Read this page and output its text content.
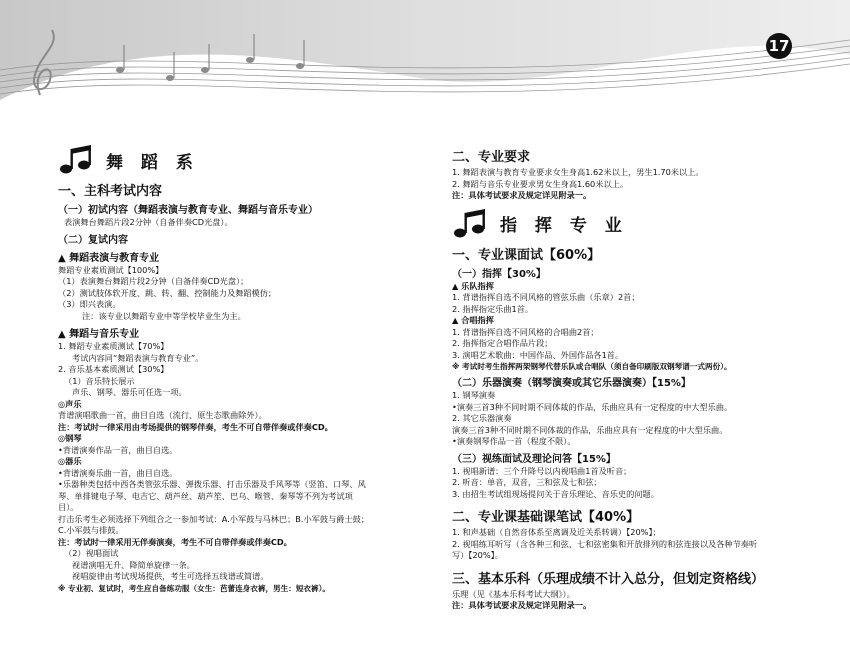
17
舞 蹈 系
一、主科考试内容
（一）初试内容（舞蹈表演与教育专业、舞蹈与音乐专业）
表演舞台舞蹈片段2分钟（自备伴奏CD光盘）。
（二）复试内容
▲ 舞蹈表演与教育专业
舞蹈专业素质测试【100%】
（1）表演舞台舞蹈片段2分钟（自备伴奏CD光盘）；
（2）测试肢体软开度、跳、转、翻、控制能力及舞蹈模仿；
（3）即兴表演。
注：该专业以舞蹈专业中等学校毕业生为主。
▲ 舞蹈与音乐专业
1. 舞蹈专业素质测试【70%】
考试内容同“舞蹈表演与教育专业”。
2. 音乐基本素质测试【30%】
（1）音乐特长展示
声乐、钢琴、器乐可任选一项。
◎声乐
背谱演唱歌曲一首，曲目自选（流行、原生态歌曲除外）。
注：考试时一律采用由考场提供的钢琴伴奏，考生不可自带伴奏或伴奏CD。
◎钢琴
•背谱演奏作品一首，曲目自选。
◎器乐
•背谱演奏乐曲一首，曲目自选。
•乐器种类包括中西各类管弦乐器、弹拨乐器、打击乐器及手风琴等（竖笛、口琴、风
琴、单排键电子琴、电吉它、葫芦丝、葫芦笙、巴乌、喉管、秦琴等不列为考试项
目）。
打击乐考生必须选择下列组合之一参加考试：A.小军鼓与马林巴；B.小军鼓与爵士鼓；
C.小军鼓与排鼓。
注：考试时一律采用无伴奏演奏，考生不可自带伴奏或伴奏CD。
（2）视唱面试
视谱演唱无升、降简单旋律一条。
视唱旋律由考试现场提供，考生可选择五线谱或简谱。
※ 专业初、复试时，考生应自备练功服（女生：芭蕾连身衣裤，男生：短衣裤）。
二、专业要求
1. 舞蹈表演与教育专业要求女生身高1.62米以上，男生1.70米以上。
2. 舞蹈与音乐专业要求男女生身高1.60米以上。
注：具体考试要求及规定详见附录一。
指 挥 专 业
一、专业课面试【60%】
（一）指挥【30%】
▲ 乐队指挥
1. 背谱指挥自选不同风格的管弦乐曲（乐章）2首；
2. 指挥指定乐曲1首。
▲ 合唱指挥
1. 背谱指挥自选不同风格的合唱曲2首；
2. 指挥指定合唱作品片段；
3. 演唱艺术歌曲：中国作品、外国作品各1首。
※ 考试时考生指挥两架钢琴代替乐队或合唱队（须自备印刷版双钢琴谱一式两份）。
（二）乐器演奏（钢琴演奏或其它乐器演奏）【15%】
1. 钢琴演奏
•演奏三首3种不同时期不同体裁的作品，乐曲应具有一定程度的中大型乐曲。
2. 其它乐器演奏
演奏三首3种不同时期不同体裁的作品，乐曲应具有一定程度的中大型乐曲。
•演奏钢琴作品一首（程度不限）。
（三）视练面试及理论问答【15%】
1. 视唱新谱：三个升降号以内视唱曲1首及听音；
2. 听音：单音，双音，三和弦及七和弦；
3. 由招生考试组现场提问关于音乐理论、音乐史的问题。
二、专业课基础课笔试【40%】
1. 和声基础（自然音体系至离调及近关系转调）【20%】；
2. 视唱练耳听写（含各种三和弦、七和弦密集和开放排列的和弦连接以及各种节奏听
写）【20%】。
三、基本乐科（乐理成绩不计入总分，但划定资格线）
乐理（见《基本乐科考试大纲》）。
注：具体考试要求及规定详见附录一。
